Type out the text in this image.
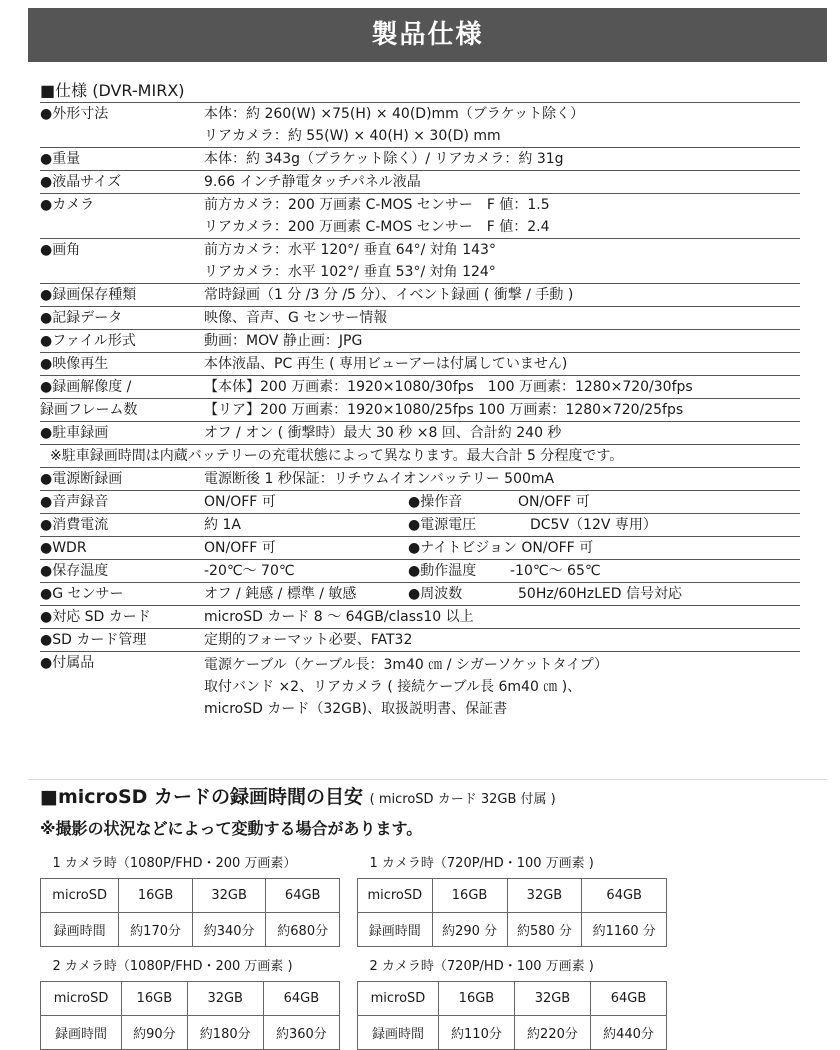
製品仕様
■仕様 (DVR-MIRX)
●外形寸法	本体：約 260(W) ×75(H) × 40(D)mm（ブラケット除く）
リアカメラ：約 55(W) × 40(H) × 30(D) mm
●重量	本体：約 343g（ブラケット除く）/ リアカメラ：約 31g
●液晶サイズ	9.66 インチ静電タッチパネル液晶
●カメラ	前方カメラ：200 万画素 C-MOS センサー　F 値：1.5
リアカメラ：200 万画素 C-MOS センサー　F 値：2.4
●画角	前方カメラ：水平 120°/ 垂直 64°/ 対角 143°
リアカメラ：水平 102°/ 垂直 53°/ 対角 124°
●録画保存種類	常時録画（1 分 /3 分 /5 分）、イベント録画 ( 衝撃 / 手動 )
●記録データ	映像、音声、G センサー情報
●ファイル形式	動画：MOV 静止画：JPG
●映像再生	本体液晶、PC 再生 ( 専用ビューアーは付属していません)
●録画解像度 /	【本体】200 万画素：1920×1080/30fps　100 万画素：1280×720/30fps
録画フレーム数	【リア】200 万画素：1920×1080/25fps 100 万画素：1280×720/25fps
●駐車録画	オフ / オン ( 衝撃時）最大 30 秒 ×8 回、合計約 240 秒
※駐車録画時間は内蔵バッテリーの充電状態によって異なります。最大合計 5 分程度です。
●電源断録画	電源断後 1 秒保証：リチウムイオンバッテリー 500mA
●音声録音	ON/OFF 可	●操作音	ON/OFF 可
●消費電流	約 1A	●電源電圧	DC5V（12V 専用）
●WDR	ON/OFF 可	●ナイトビジョン ON/OFF 可
●保存温度	-20℃～ 70℃	●動作温度 -10℃～ 65℃
●G センサー	オフ / 鈍感 / 標準 / 敏感	●周波数	50Hz/60HzLED 信号対応
●対応 SD カード	microSD カード 8 ～ 64GB/class10 以上
●SD カード管理	定期的フォーマット必要、FAT32
●付属品	電源ケーブル（ケーブル長：3m40 ㎝ / シガーソケットタイプ）
取付バンド ×2、リアカメラ ( 接続ケーブル長 6m40 ㎝ )、
microSD カード（32GB)、取扱説明書、保証書
■microSD カードの録画時間の目安 ( microSD カード 32GB 付属 )
※撮影の状況などによって変動する場合があります。
1 カメラ時（1080P/FHD・200 万画素）			
microSD	16GB	32GB	64GB
録画時間	約170分	約340分	約680分
1 カメラ時（720P/HD・100 万画素 )			
microSD	16GB	32GB	64GB
録画時間	約290 分	約580 分	約1160 分
2 カメラ時（1080P/FHD・200 万画素 )			
microSD	16GB	32GB	64GB
録画時間	約90分	約180分	約360分
2 カメラ時（720P/HD・100 万画素 )			
microSD	16GB	32GB	64GB
録画時間	約110分	約220分	約440分
